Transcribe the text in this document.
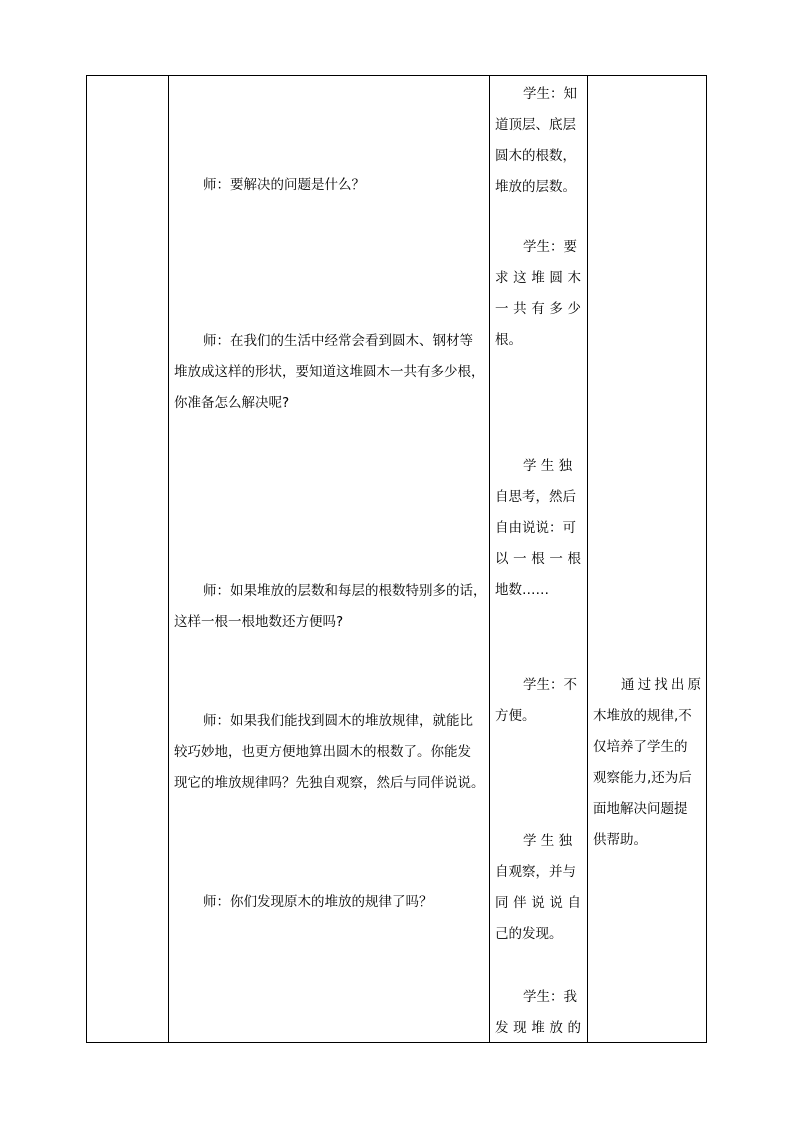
师：要解决的问题是什么？
师：在我们的生活中经常会看到圆木、钢材等
堆放成这样的形状，要知道这堆圆木一共有多少根，
你准备怎么解决呢?
师：如果堆放的层数和每层的根数特别多的话，
这样一根一根地数还方便吗?
师：如果我们能找到圆木的堆放规律，就能比
较巧妙地，也更方便地算出圆木的根数了。你能发
现它的堆放规律吗？先独自观察，然后与同伴说说。
师：你们发现原木的堆放的规律了吗？
学生：知
道顶层、底层
圆木的根数，
堆放的层数。
学生：要
求这堆圆木
一共有多少
根。
学 生 独
自思考，然后
自由说说：可
以一根一根
地数……
学生：不
方便。
学 生 独
自观察，并与
同伴说说自
己的发现。
学生：我
发现堆放的
通过找出原
木堆放的规律,不
仅培养了学生的
观察能力,还为后
面地解决问题提
供帮助。
